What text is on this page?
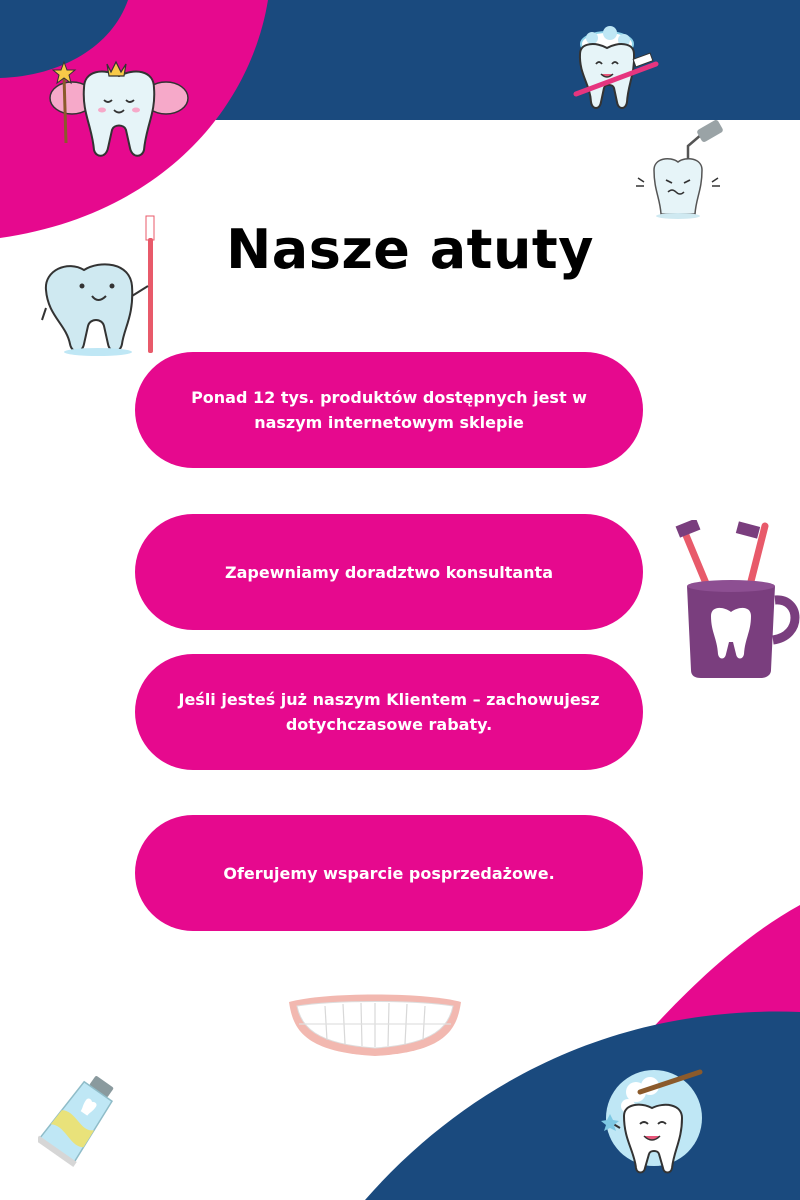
Nasze atuty
Ponad 12 tys. produktów dostępnych jest w naszym internetowym sklepie
Zapewniamy doradztwo konsultanta
Jeśli jesteś już naszym Klientem – zachowujesz dotychczasowe rabaty.
Oferujemy wsparcie posprzedażowe.
